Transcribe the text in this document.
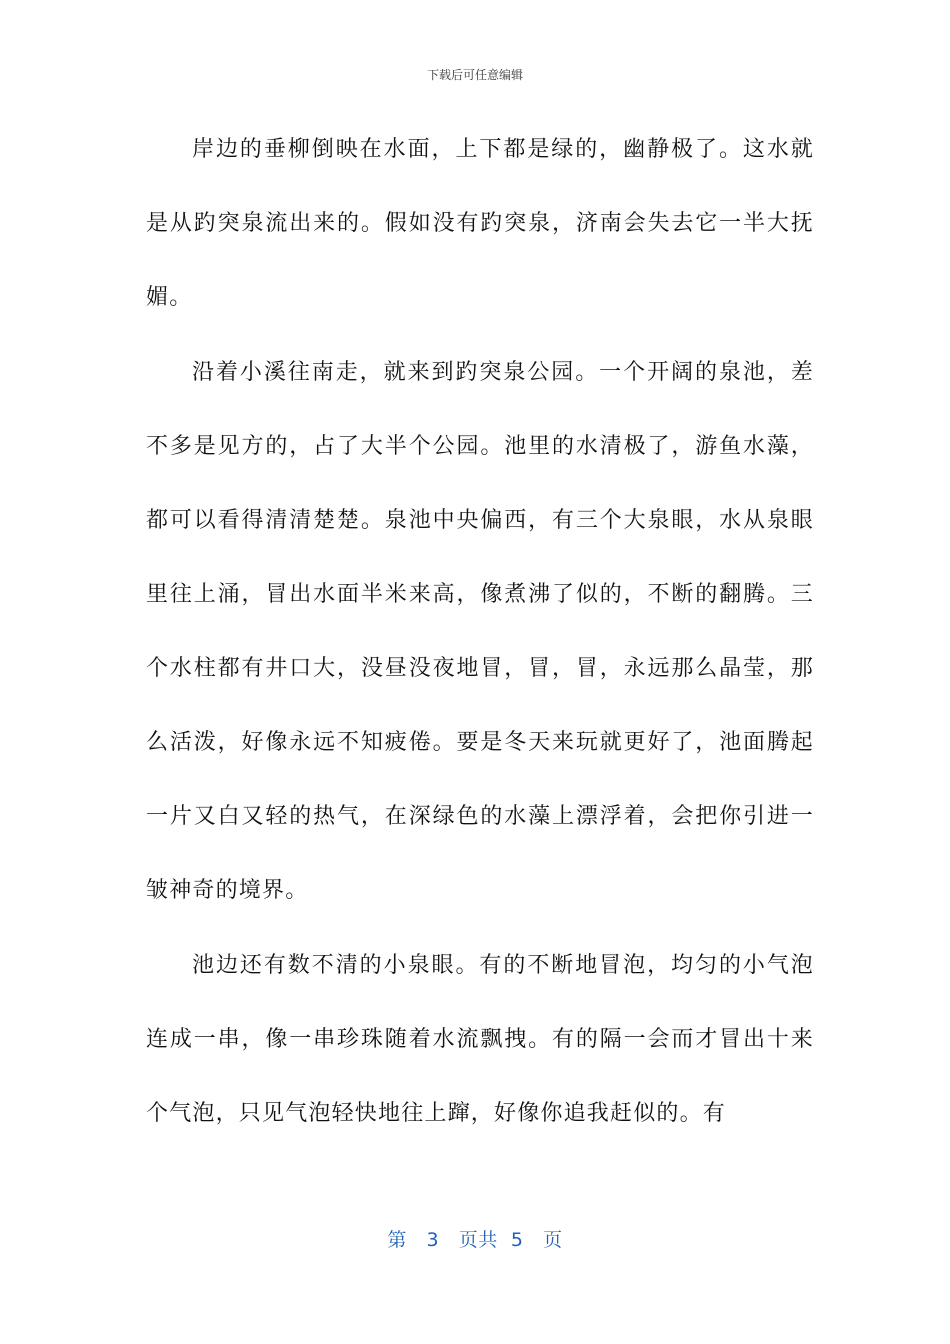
下载后可任意编辑

岸边的垂柳倒映在水面，上下都是绿的，幽静极了。这水就是从趵突泉流出来的。假如没有趵突泉，济南会失去它一半大抚媚。

沿着小溪往南走，就来到趵突泉公园。一个开阔的泉池，差不多是见方的，占了大半个公园。池里的水清极了，游鱼水藻，都可以看得清清楚楚。泉池中央偏西，有三个大泉眼，水从泉眼里往上涌，冒出水面半米来高，像煮沸了似的，不断的翻腾。三个水柱都有井口大，没昼没夜地冒，冒，冒，永远那么晶莹，那么活泼，好像永远不知疲倦。要是冬天来玩就更好了，池面腾起一片又白又轻的热气，在深绿色的水藻上漂浮着，会把你引进一皱神奇的境界。

池边还有数不清的小泉眼。有的不断地冒泡，均匀的小气泡连成一串，像一串珍珠随着水流飘拽。有的隔一会而才冒出十来个气泡，只见气泡轻快地往上蹿，好像你追我赶似的。有

第 3 页共 5 页
